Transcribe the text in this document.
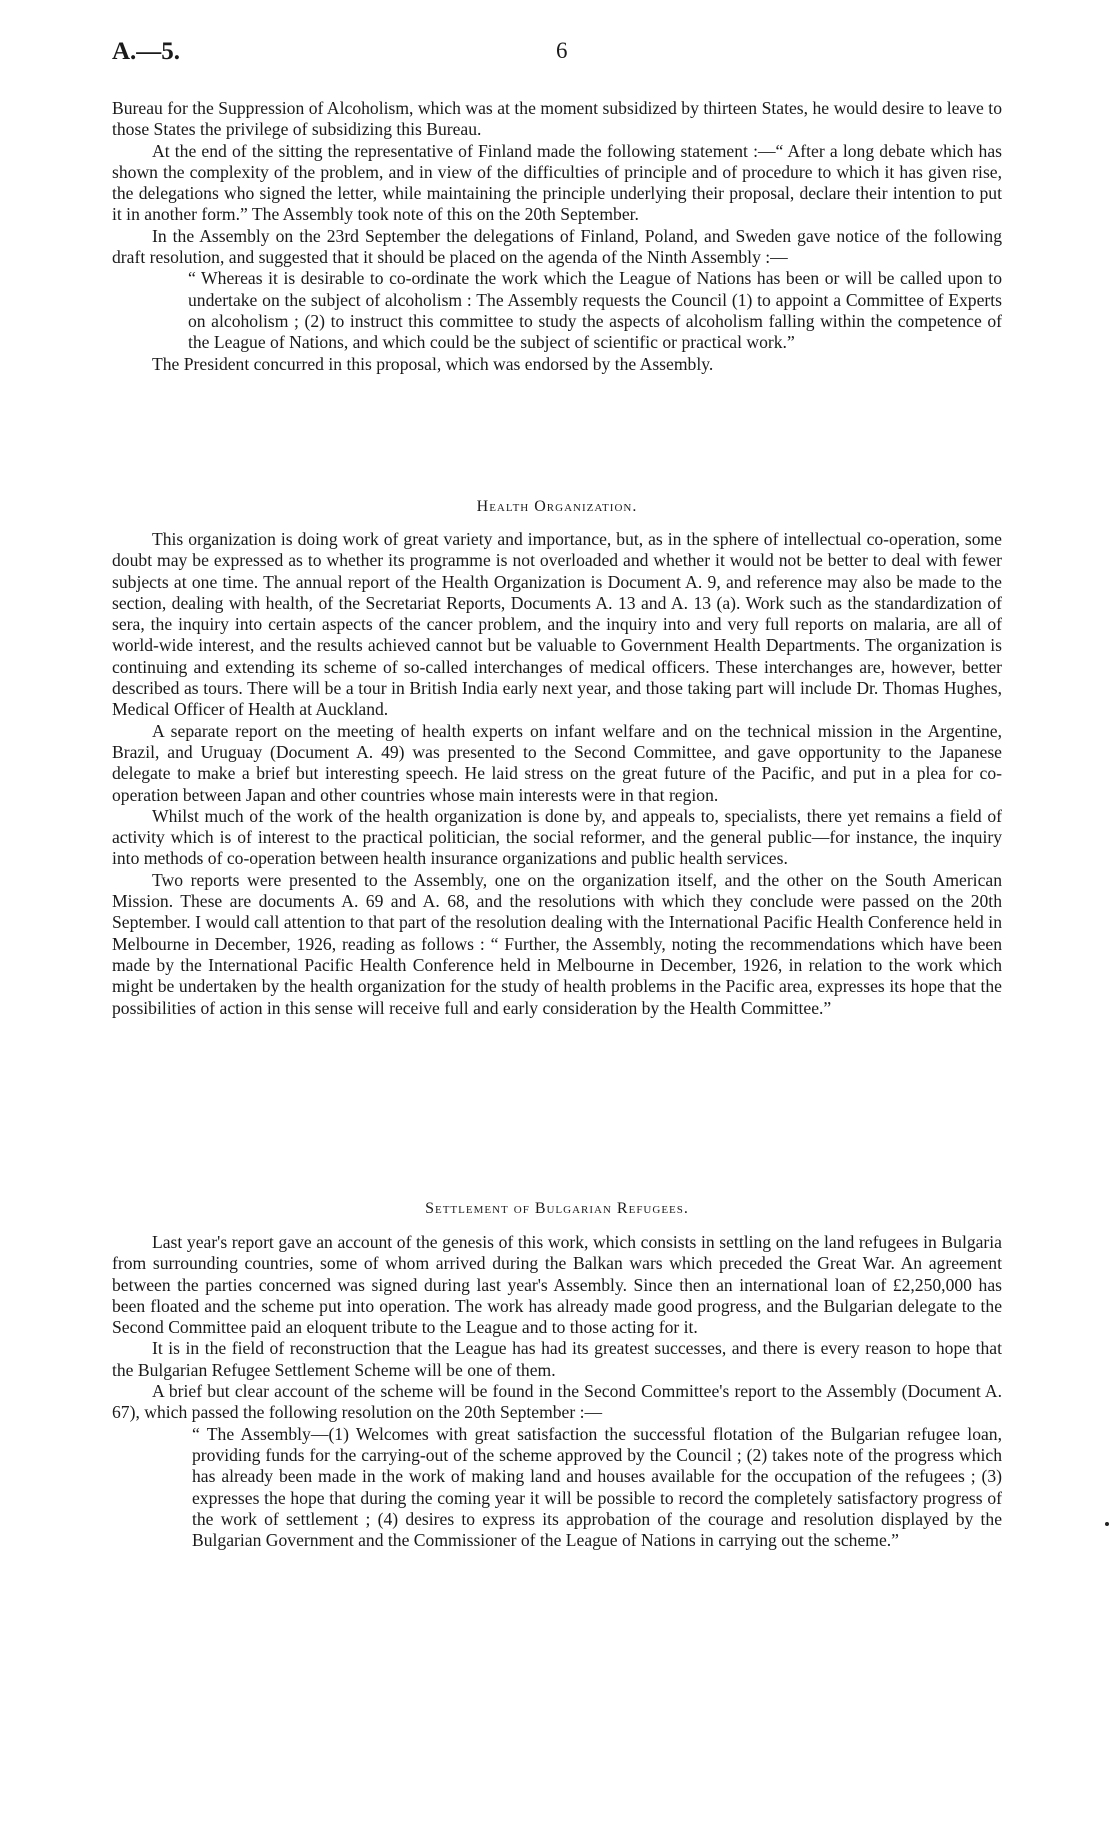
A.—5.	6

Bureau for the Suppression of Alcoholism, which was at the moment subsidized by thirteen States, he would desire to leave to those States the privilege of subsidizing this Bureau.

At the end of the sitting the representative of Finland made the following statement :—“ After a long debate which has shown the complexity of the problem, and in view of the difficulties of principle and of procedure to which it has given rise, the delegations who signed the letter, while maintaining the principle underlying their proposal, declare their intention to put it in another form.” The Assembly took note of this on the 20th September.

In the Assembly on the 23rd September the delegations of Finland, Poland, and Sweden gave notice of the following draft resolution, and suggested that it should be placed on the agenda of the Ninth Assembly :—

“ Whereas it is desirable to co-ordinate the work which the League of Nations has been or will be called upon to undertake on the subject of alcoholism : The Assembly requests the Council (1) to appoint a Committee of Experts on alcoholism ; (2) to instruct this committee to study the aspects of alcoholism falling within the competence of the League of Nations, and which could be the subject of scientific or practical work.”

The President concurred in this proposal, which was endorsed by the Assembly.

Health Organization.

This organization is doing work of great variety and importance, but, as in the sphere of intellectual co-operation, some doubt may be expressed as to whether its programme is not overloaded and whether it would not be better to deal with fewer subjects at one time. The annual report of the Health Organization is Document A. 9, and reference may also be made to the section, dealing with health, of the Secretariat Reports, Documents A. 13 and A. 13 (a). Work such as the standardization of sera, the inquiry into certain aspects of the cancer problem, and the inquiry into and very full reports on malaria, are all of world-wide interest, and the results achieved cannot but be valuable to Government Health Departments. The organization is continuing and extending its scheme of so-called interchanges of medical officers. These interchanges are, however, better described as tours. There will be a tour in British India early next year, and those taking part will include Dr. Thomas Hughes, Medical Officer of Health at Auckland.

A separate report on the meeting of health experts on infant welfare and on the technical mission in the Argentine, Brazil, and Uruguay (Document A. 49) was presented to the Second Committee, and gave opportunity to the Japanese delegate to make a brief but interesting speech. He laid stress on the great future of the Pacific, and put in a plea for co-operation between Japan and other countries whose main interests were in that region.

Whilst much of the work of the health organization is done by, and appeals to, specialists, there yet remains a field of activity which is of interest to the practical politician, the social reformer, and the general public—for instance, the inquiry into methods of co-operation between health insurance organizations and public health services.

Two reports were presented to the Assembly, one on the organization itself, and the other on the South American Mission. These are documents A. 69 and A. 68, and the resolutions with which they conclude were passed on the 20th September. I would call attention to that part of the resolution dealing with the International Pacific Health Conference held in Melbourne in December, 1926, reading as follows : “ Further, the Assembly, noting the recommendations which have been made by the International Pacific Health Conference held in Melbourne in December, 1926, in relation to the work which might be undertaken by the health organization for the study of health problems in the Pacific area, expresses its hope that the possibilities of action in this sense will receive full and early consideration by the Health Committee.”

Settlement of Bulgarian Refugees.

Last year's report gave an account of the genesis of this work, which consists in settling on the land refugees in Bulgaria from surrounding countries, some of whom arrived during the Balkan wars which preceded the Great War. An agreement between the parties concerned was signed during last year's Assembly. Since then an international loan of £2,250,000 has been floated and the scheme put into operation. The work has already made good progress, and the Bulgarian delegate to the Second Committee paid an eloquent tribute to the League and to those acting for it.

It is in the field of reconstruction that the League has had its greatest successes, and there is every reason to hope that the Bulgarian Refugee Settlement Scheme will be one of them.

A brief but clear account of the scheme will be found in the Second Committee's report to the Assembly (Document A. 67), which passed the following resolution on the 20th September :—

“ The Assembly—(1) Welcomes with great satisfaction the successful flotation of the Bulgarian refugee loan, providing funds for the carrying-out of the scheme approved by the Council ; (2) takes note of the progress which has already been made in the work of making land and houses available for the occupation of the refugees ; (3) expresses the hope that during the coming year it will be possible to record the completely satisfactory progress of the work of settlement ; (4) desires to express its approbation of the courage and resolution displayed by the Bulgarian Government and the Commissioner of the League of Nations in carrying out the scheme.”
